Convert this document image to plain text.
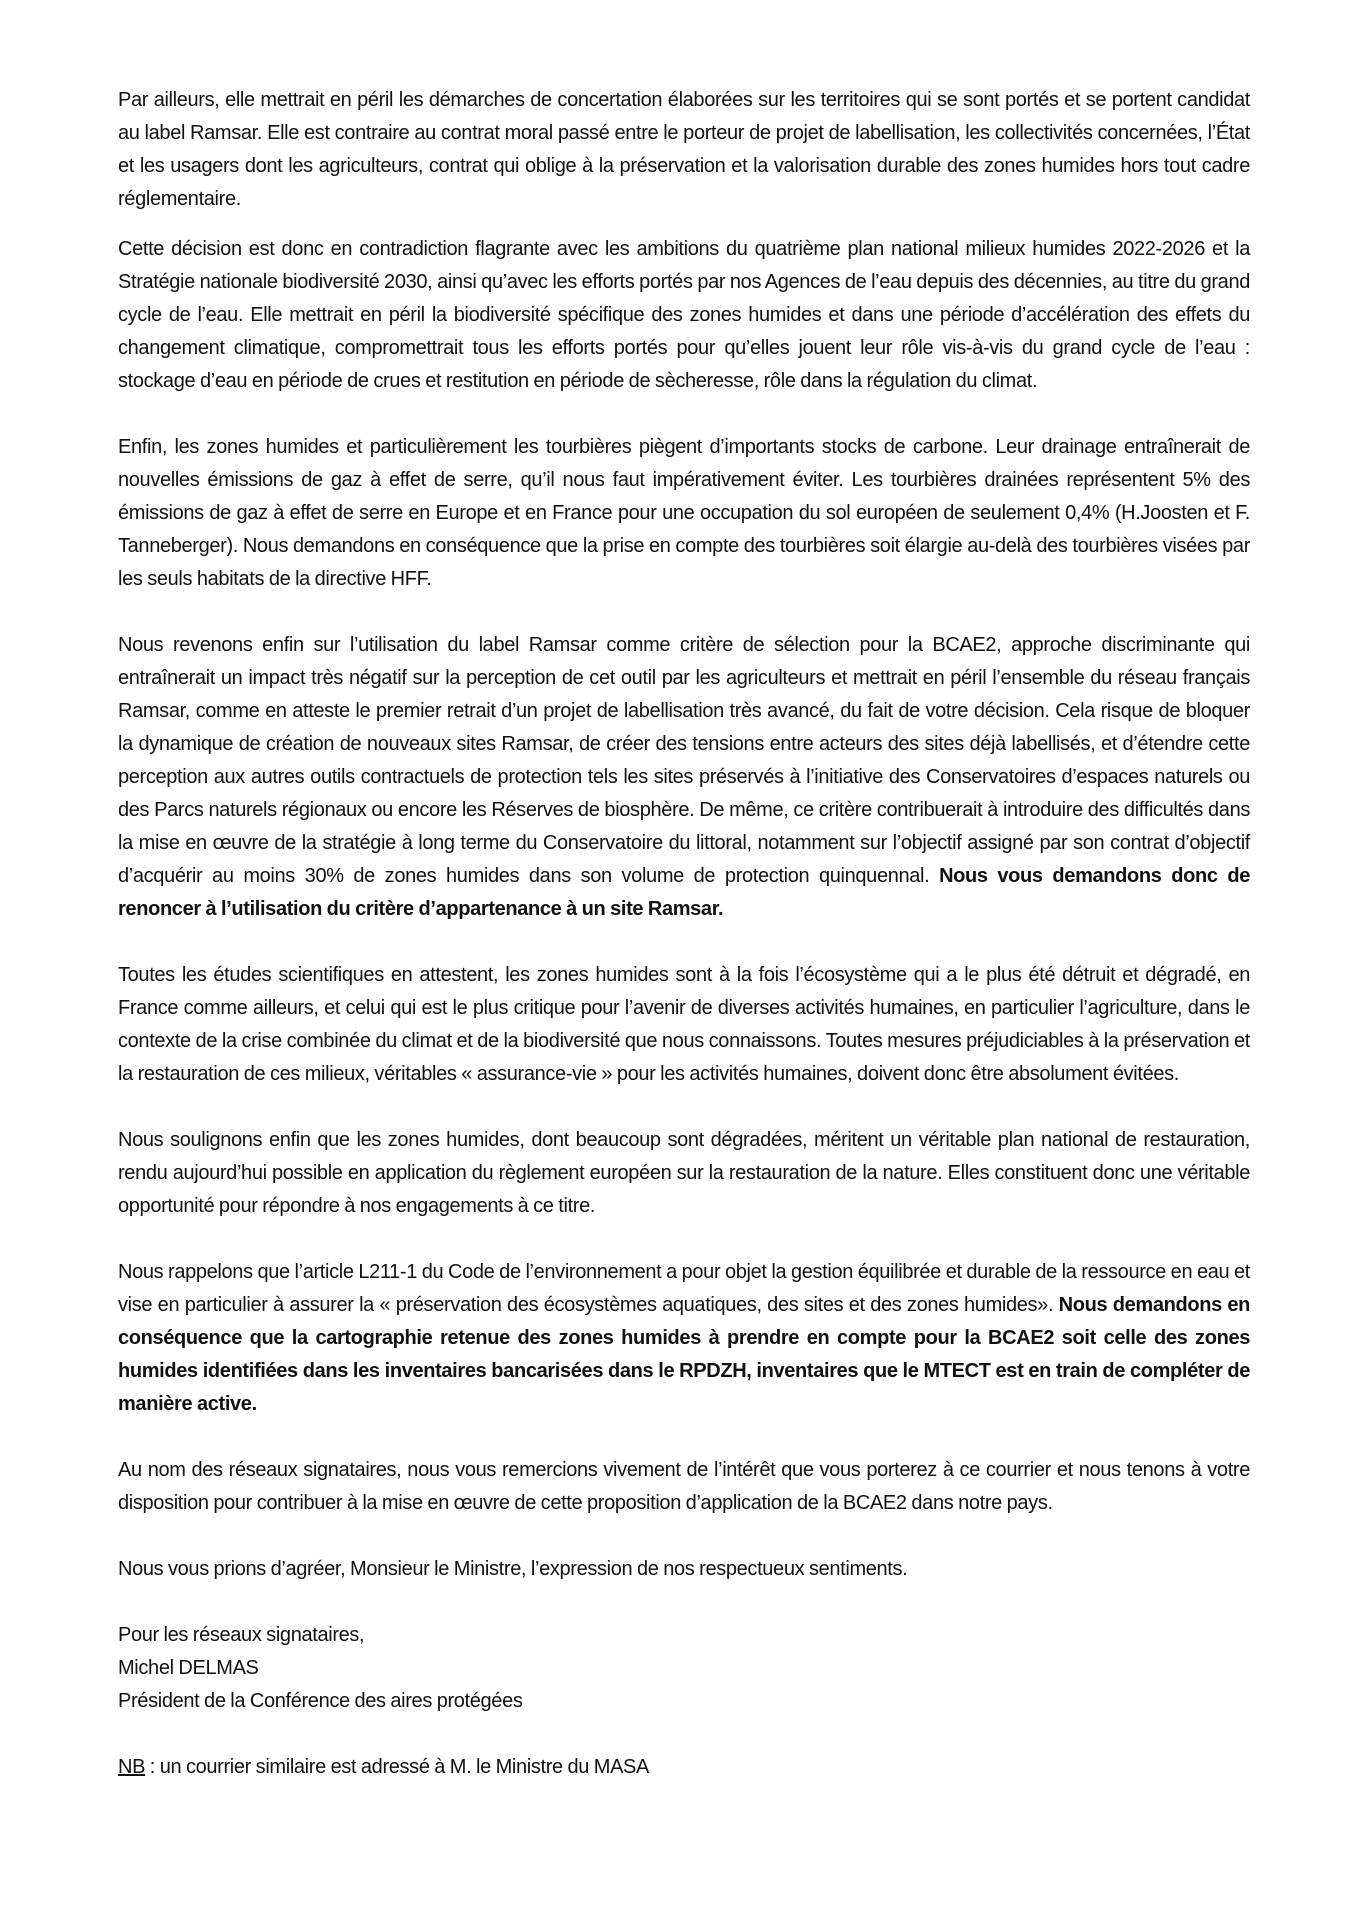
Par ailleurs, elle mettrait en péril les démarches de concertation élaborées sur les territoires qui se sont portés et se portent candidat au label Ramsar. Elle est contraire au contrat moral passé entre le porteur de projet de labellisation, les collectivités concernées, l’État et les usagers dont les agriculteurs, contrat qui oblige à la préservation et la valorisation durable des zones humides hors tout cadre réglementaire.

Cette décision est donc en contradiction flagrante avec les ambitions du quatrième plan national milieux humides 2022-2026 et la Stratégie nationale biodiversité 2030, ainsi qu’avec les efforts portés par nos Agences de l’eau depuis des décennies, au titre du grand cycle de l’eau. Elle mettrait en péril la biodiversité spécifique des zones humides et dans une période d’accélération des effets du changement climatique, compromettrait tous les efforts portés pour qu’elles jouent leur rôle vis-à-vis du grand cycle de l’eau : stockage d’eau en période de crues et restitution en période de sècheresse, rôle dans la régulation du climat.

Enfin, les zones humides et particulièrement les tourbières piègent d’importants stocks de carbone. Leur drainage entraînerait de nouvelles émissions de gaz à effet de serre, qu’il nous faut impérativement éviter. Les tourbières drainées représentent 5% des émissions de gaz à effet de serre en Europe et en France pour une occupation du sol européen de seulement 0,4% (H.Joosten et F. Tanneberger). Nous demandons en conséquence que la prise en compte des tourbières soit élargie au-delà des tourbières visées par les seuls habitats de la directive HFF.

Nous revenons enfin sur l’utilisation du label Ramsar comme critère de sélection pour la BCAE2, approche discriminante qui entraînerait un impact très négatif sur la perception de cet outil par les agriculteurs et mettrait en péril l’ensemble du réseau français Ramsar, comme en atteste le premier retrait d’un projet de labellisation très avancé, du fait de votre décision. Cela risque de bloquer la dynamique de création de nouveaux sites Ramsar, de créer des tensions entre acteurs des sites déjà labellisés, et d’étendre cette perception aux autres outils contractuels de protection tels les sites préservés à l’initiative des Conservatoires d’espaces naturels ou des Parcs naturels régionaux ou encore les Réserves de biosphère. De même, ce critère contribuerait à introduire des difficultés dans la mise en œuvre de la stratégie à long terme du Conservatoire du littoral, notamment sur l’objectif assigné par son contrat d’objectif d’acquérir au moins 30% de zones humides dans son volume de protection quinquennal. Nous vous demandons donc de renoncer à l’utilisation du critère d’appartenance à un site Ramsar.

Toutes les études scientifiques en attestent, les zones humides sont à la fois l’écosystème qui a le plus été détruit et dégradé, en France comme ailleurs, et celui qui est le plus critique pour l’avenir de diverses activités humaines, en particulier l’agriculture, dans le contexte de la crise combinée du climat et de la biodiversité que nous connaissons. Toutes mesures préjudiciables à la préservation et la restauration de ces milieux, véritables « assurance-vie » pour les activités humaines, doivent donc être absolument évitées.

Nous soulignons enfin que les zones humides, dont beaucoup sont dégradées, méritent un véritable plan national de restauration, rendu aujourd’hui possible en application du règlement européen sur la restauration de la nature. Elles constituent donc une véritable opportunité pour répondre à nos engagements à ce titre.

Nous rappelons que l’article L211-1 du Code de l’environnement a pour objet la gestion équilibrée et durable de la ressource en eau et vise en particulier à assurer la « préservation des écosystèmes aquatiques, des sites et des zones humides». Nous demandons en conséquence que la cartographie retenue des zones humides à prendre en compte pour la BCAE2 soit celle des zones humides identifiées dans les inventaires bancarisées dans le RPDZH, inventaires que le MTECT est en train de compléter de manière active.

Au nom des réseaux signataires, nous vous remercions vivement de l’intérêt que vous porterez à ce courrier et nous tenons à votre disposition pour contribuer à la mise en œuvre de cette proposition d’application de la BCAE2 dans notre pays.

Nous vous prions d’agréer, Monsieur le Ministre, l’expression de nos respectueux sentiments.

Pour les réseaux signataires,
Michel DELMAS
Président de la Conférence des aires protégées

NB : un courrier similaire est adressé à M. le Ministre du MASA
